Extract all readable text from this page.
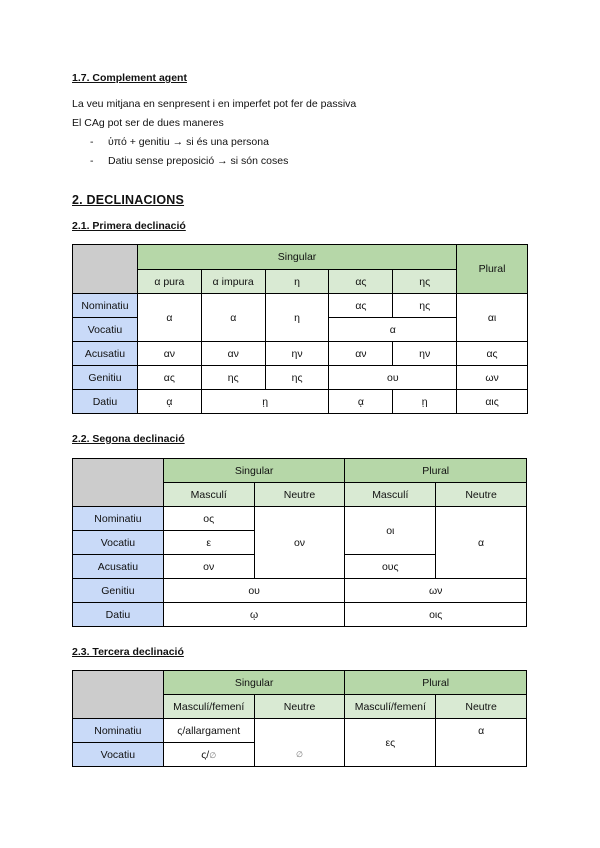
1.7. Complement agent
La veu mitjana en senpresent i en imperfet pot fer de passiva
El CAg pot ser de dues maneres
- ὑπό + genitiu → si és una persona
- Datiu sense preposició → si són coses
2. DECLINACIONS
2.1. Primera declinació
	Singular					Plural
	α pura	α impura	η	ας	ης	
Nominatiu	α	α	η	ας	ης	αι
Vocatiu				α		
Acusatiu	αν	αν	ην	αν	ην	ας
Genitiu	ας	ης	ης	ου		ων
Datiu	ᾳ	ῃ		ᾳ	ῃ	αις
2.2. Segona declinació
	Singular		Plural	
	Masculí	Neutre	Masculí	Neutre
Nominatiu	ος	ον	οι	α
Vocatiu	ε			
Acusatiu	ον		ους	
Genitiu	ου		ων	
Datiu	ῳ		οις	
2.3. Tercera declinació
	Singular		Plural	
	Masculí/femení	Neutre	Masculí/femení	Neutre
Nominatiu	ς/allargament	∅	ες	α
Vocatiu	ς/∅			
